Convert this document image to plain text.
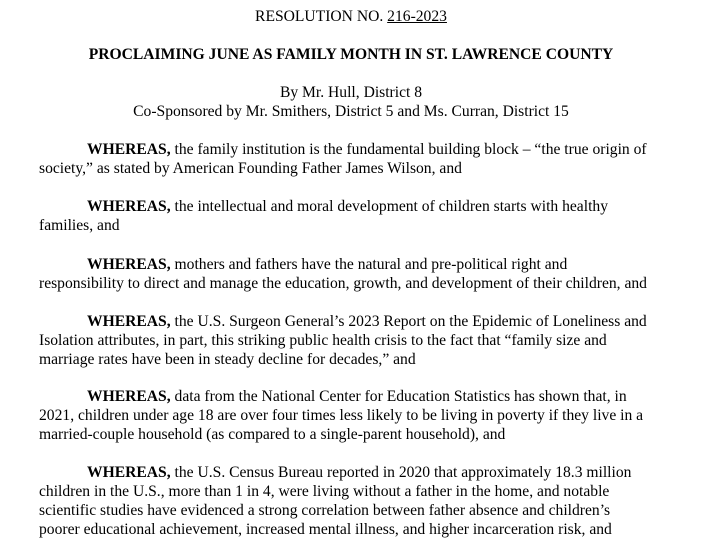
RESOLUTION NO. 216-2023

PROCLAIMING JUNE AS FAMILY MONTH IN ST. LAWRENCE COUNTY

By Mr. Hull, District 8

Co-Sponsored by Mr. Smithers, District 5 and Ms. Curran, District 15

WHEREAS, the family institution is the fundamental building block – “the true origin of
society,” as stated by American Founding Father James Wilson, and
WHEREAS, the intellectual and moral development of children starts with healthy
families, and
WHEREAS, mothers and fathers have the natural and pre-political right and
responsibility to direct and manage the education, growth, and development of their children, and
WHEREAS, the U.S. Surgeon General’s 2023 Report on the Epidemic of Loneliness and
Isolation attributes, in part, this striking public health crisis to the fact that “family size and
marriage rates have been in steady decline for decades,” and
WHEREAS, data from the National Center for Education Statistics has shown that, in
2021, children under age 18 are over four times less likely to be living in poverty if they live in a
married-couple household (as compared to a single-parent household), and
WHEREAS, the U.S. Census Bureau reported in 2020 that approximately 18.3 million
children in the U.S., more than 1 in 4, were living without a father in the home, and notable
scientific studies have evidenced a strong correlation between father absence and children’s
poorer educational achievement, increased mental illness, and higher incarceration risk, and
